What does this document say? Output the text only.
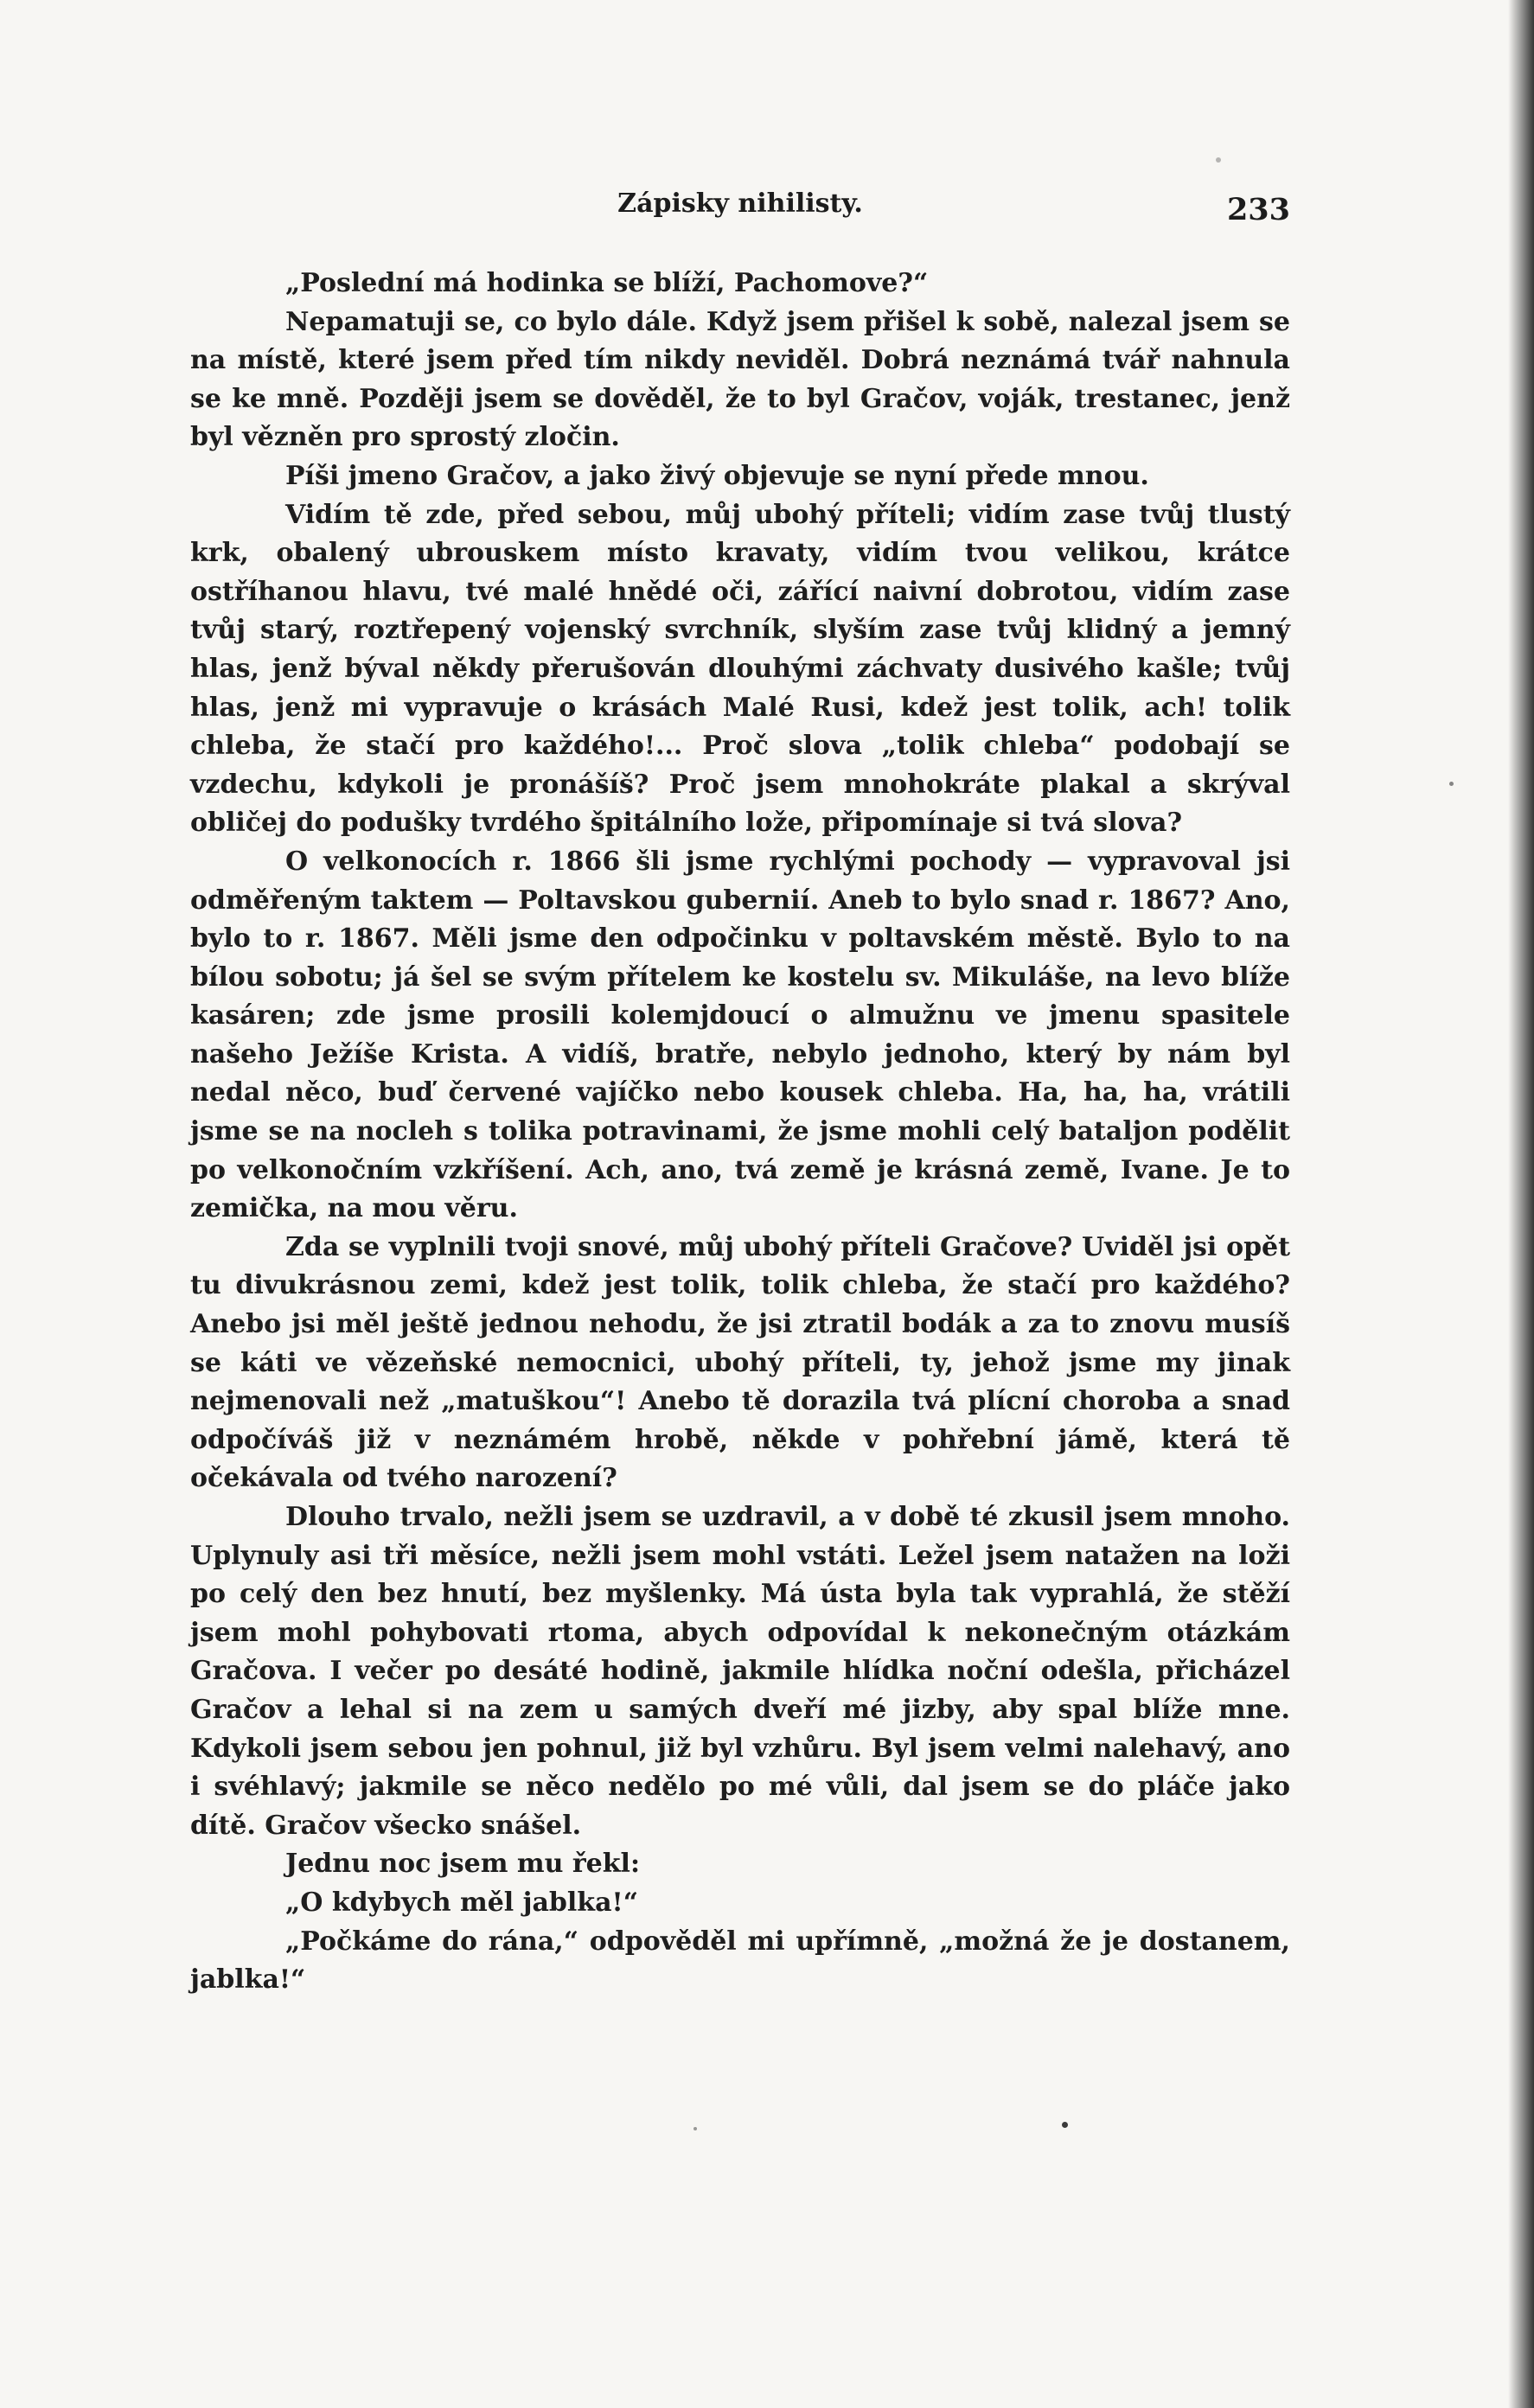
Zápisky nihilisty.	233

„Poslední má hodinka se blíží, Pachomove?“

Nepamatuji se, co bylo dále. Když jsem přišel k sobě, nalezal jsem se na místě, které jsem před tím nikdy neviděl. Dobrá neznámá tvář nahnula se ke mně. Později jsem se dověděl, že to byl Gračov, voják, trestanec, jenž byl vězněn pro sprostý zločin.

Píši jmeno Gračov, a jako živý objevuje se nyní přede mnou.

Vidím tě zde, před sebou, můj ubohý příteli; vidím zase tvůj tlustý krk, obalený ubrouskem místo kravaty, vidím tvou velikou, krátce ostříhanou hlavu, tvé malé hnědé oči, zářící naivní dobrotou, vidím zase tvůj starý, roztřepený vojenský svrchník, slyším zase tvůj klidný a jemný hlas, jenž býval někdy přerušován dlouhými záchvaty dusivého kašle; tvůj hlas, jenž mi vypravuje o krásách Malé Rusi, kdež jest tolik, ach! tolik chleba, že stačí pro každého!... Proč slova „tolik chleba“ podobají se vzdechu, kdykoli je pronášíš? Proč jsem mnohokráte plakal a skrýval obličej do podušky tvrdého špitálního lože, připomínaje si tvá slova?

O velkonocích r. 1866 šli jsme rychlými pochody — vypravoval jsi odměřeným taktem — Poltavskou gubernií. Aneb to bylo snad r. 1867? Ano, bylo to r. 1867. Měli jsme den odpočinku v poltavském městě. Bylo to na bílou sobotu; já šel se svým přítelem ke kostelu sv. Mikuláše, na levo blíže kasáren; zde jsme prosili kolemjdoucí o almužnu ve jmenu spasitele našeho Ježíše Krista. A vidíš, bratře, nebylo jednoho, který by nám byl nedal něco, buď červené vajíčko nebo kousek chleba. Ha, ha, ha, vrátili jsme se na nocleh s tolika potravinami, že jsme mohli celý bataljon podělit po velkonočním vzkříšení. Ach, ano, tvá země je krásná země, Ivane. Je to zemička, na mou věru.

Zda se vyplnili tvoji snové, můj ubohý příteli Gračove? Uviděl jsi opět tu divukrásnou zemi, kdež jest tolik, tolik chleba, že stačí pro každého? Anebo jsi měl ještě jednou nehodu, že jsi ztratil bodák a za to znovu musíš se káti ve vězeňské nemocnici, ubohý příteli, ty, jehož jsme my jinak nejmenovali než „matuškou“! Anebo tě dorazila tvá plícní choroba a snad odpočíváš již v neznámém hrobě, někde v pohřební jámě, která tě očekávala od tvého narození?

Dlouho trvalo, nežli jsem se uzdravil, a v době té zkusil jsem mnoho. Uplynuly asi tři měsíce, nežli jsem mohl vstáti. Ležel jsem natažen na loži po celý den bez hnutí, bez myšlenky. Má ústa byla tak vyprahlá, že stěží jsem mohl pohybovati rtoma, abych odpovídal k nekonečným otázkám Gračova. I večer po desáté hodině, jakmile hlídka noční odešla, přicházel Gračov a lehal si na zem u samých dveří mé jizby, aby spal blíže mne. Kdykoli jsem sebou jen pohnul, již byl vzhůru. Byl jsem velmi nalehavý, ano i svéhlavý; jakmile se něco nedělo po mé vůli, dal jsem se do pláče jako dítě. Gračov všecko snášel.

Jednu noc jsem mu řekl:

„O kdybych měl jablka!“

„Počkáme do rána,“ odpověděl mi upřímně, „možná že je dostanem, jablka!“
